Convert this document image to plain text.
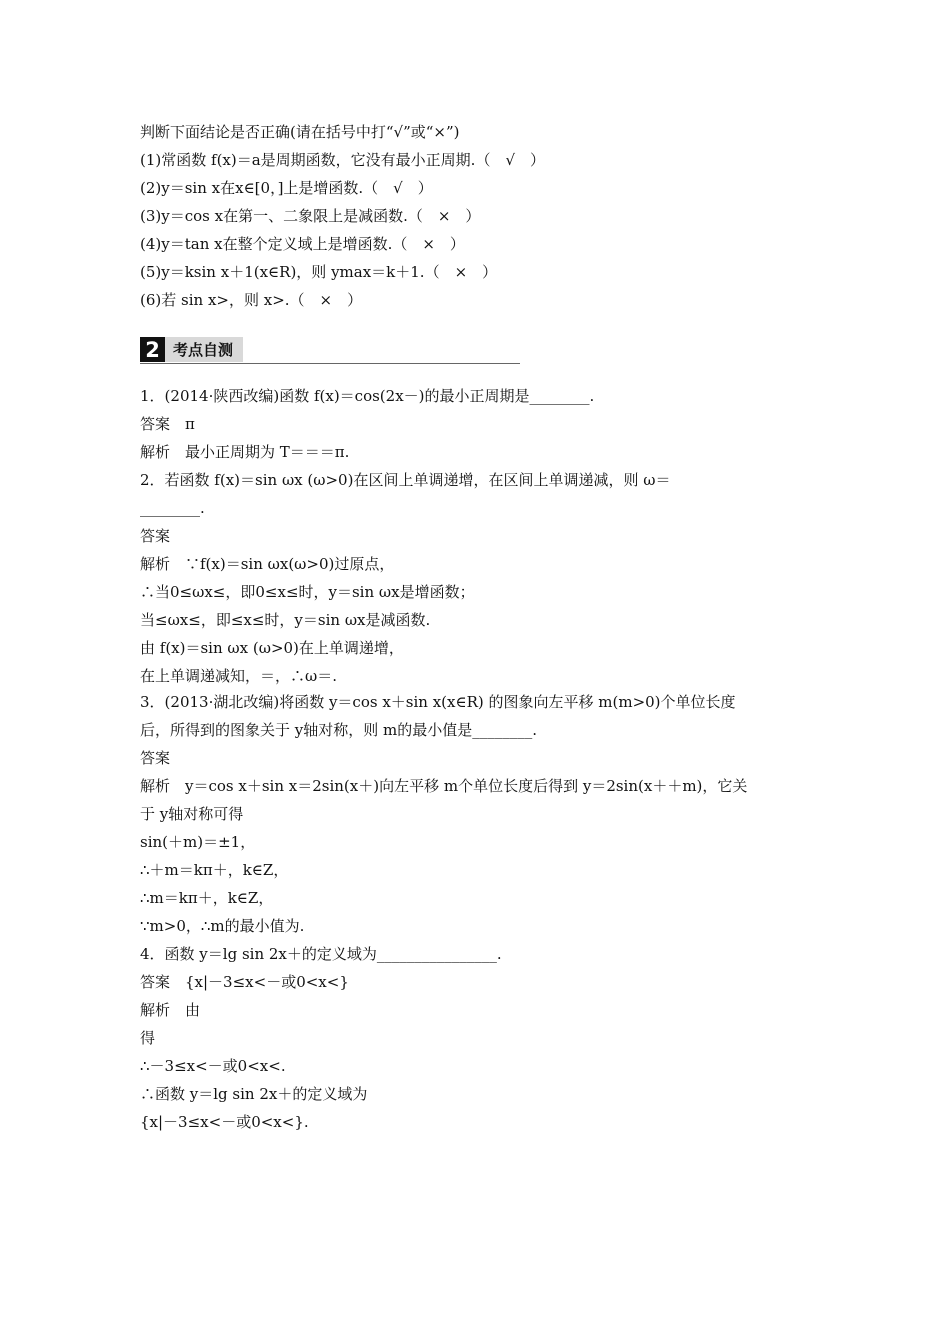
判断下面结论是否正确(请在括号中打“√”或“×”)
(1)常函数 f(x)＝a是周期函数，它没有最小正周期.（　√　）
(2)y＝sin x在x∈[0，]上是增函数.（　√　）
(3)y＝cos x在第一、二象限上是减函数.（　×　）
(4)y＝tan x在整个定义域上是增函数.（　×　）
(5)y＝ksin x＋1(x∈R)，则 ymax＝k＋1.（　×　）
(6)若 sin x>，则 x>.（　×　）
2 考点自测
1．(2014·陕西改编)函数 f(x)＝cos(2x－)的最小正周期是________.
答案　π
解析　最小正周期为 T＝＝＝π.
2．若函数 f(x)＝sin ωx (ω>0)在区间上单调递增，在区间上单调递减，则 ω＝
________.
答案
解析　∵f(x)＝sin ωx(ω>0)过原点，
∴当0≤ωx≤，即0≤x≤时，y＝sin ωx是增函数；
当≤ωx≤，即≤x≤时，y＝sin ωx是减函数.
由 f(x)＝sin ωx (ω>0)在上单调递增，
在上单调递减知，＝，∴ω＝.
3．(2013·湖北改编)将函数 y＝cos x＋sin x(x∈R) 的图象向左平移 m(m>0)个单位长度
后，所得到的图象关于 y轴对称，则 m的最小值是________.
答案
解析　y＝cos x＋sin x＝2sin(x＋)向左平移 m个单位长度后得到 y＝2sin(x＋＋m)，它关
于 y轴对称可得
sin(＋m)＝±1，
∴＋m＝kπ＋，k∈Z，
∴m＝kπ＋，k∈Z，
∵m>0，∴m的最小值为.
4．函数 y＝lg sin 2x＋的定义域为________________.
答案　{x|－3≤x<－或0<x<}
解析　由
得
∴－3≤x<－或0<x<.
∴函数 y＝lg sin 2x＋的定义域为
{x|－3≤x<－或0<x<}.
